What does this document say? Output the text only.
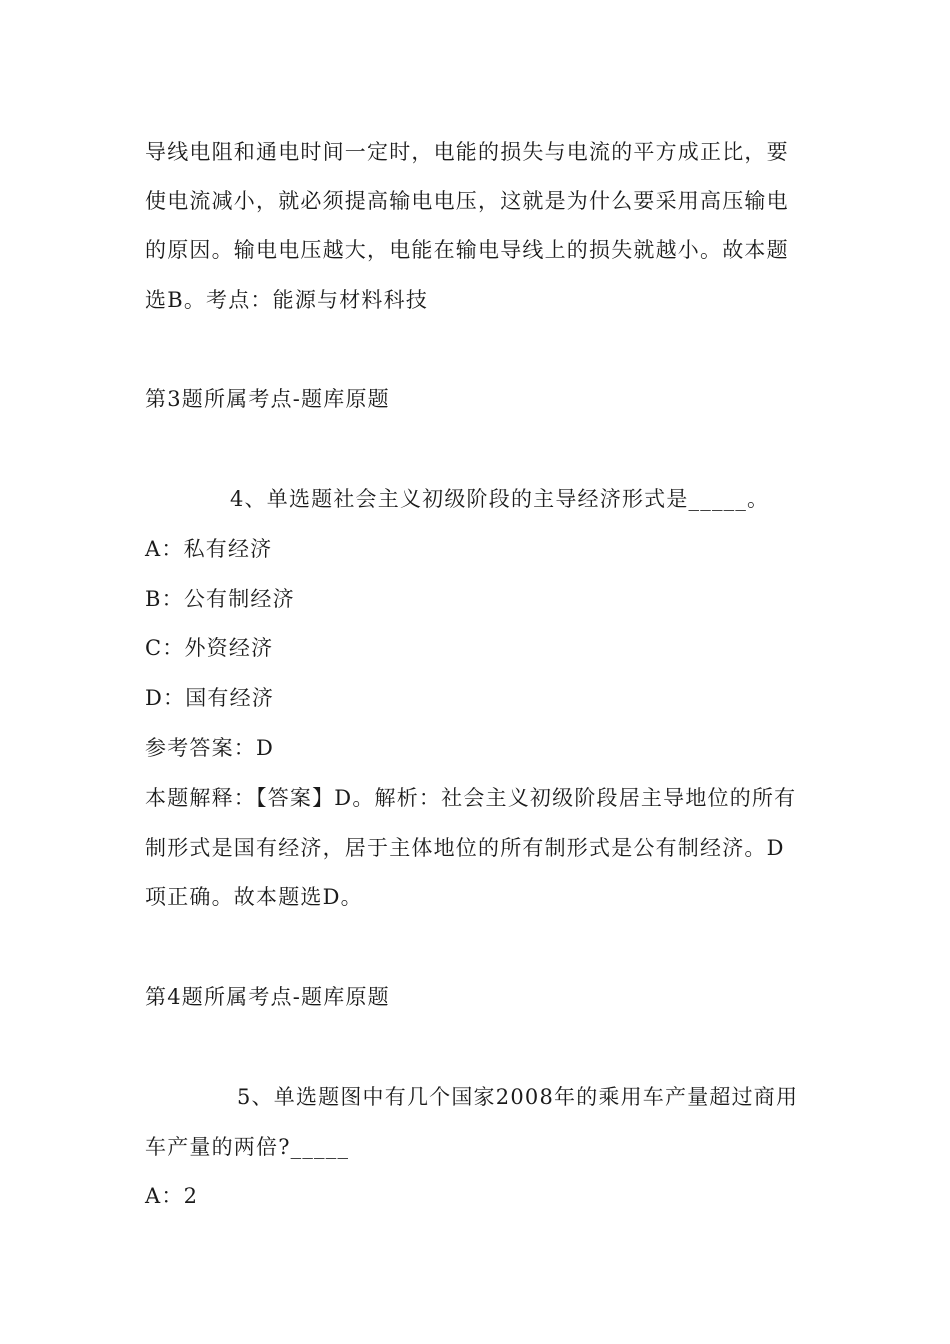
导线电阻和通电时间一定时，电能的损失与电流的平方成正比，要
使电流减小，就必须提高输电电压，这就是为什么要采用高压输电
的原因。输电电压越大，电能在输电导线上的损失就越小。故本题
选B。考点：能源与材料科技
第3题所属考点-题库原题
4、单选题社会主义初级阶段的主导经济形式是_____。
A：私有经济
B：公有制经济
C：外资经济
D：国有经济
参考答案：D
本题解释：【答案】D。解析：社会主义初级阶段居主导地位的所有
制形式是国有经济，居于主体地位的所有制形式是公有制经济。D
项正确。故本题选D。
第4题所属考点-题库原题
5、单选题图中有几个国家2008年的乘用车产量超过商用
车产量的两倍?_____
A：2
